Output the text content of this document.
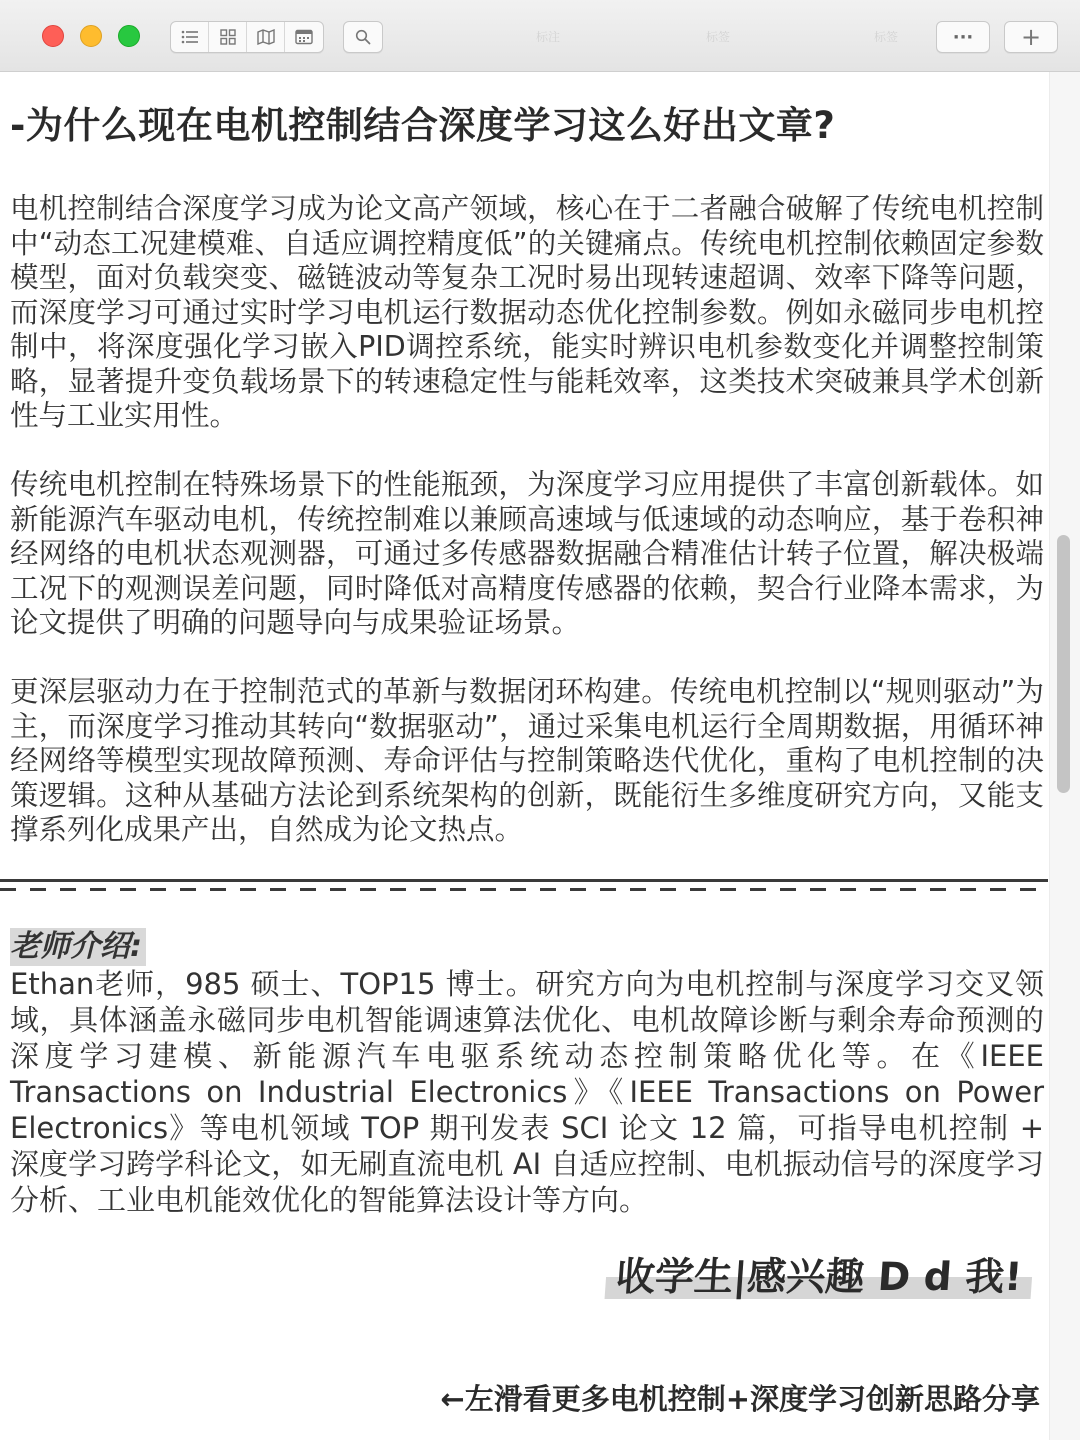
标注	标签	标签	···	+
-为什么现在电机控制结合深度学习这么好出文章?

电机控制结合深度学习成为论文高产领域，核心在于二者融合破解了传统电机控制中“动态工况建模难、自适应调控精度低”的关键痛点。传统电机控制依赖固定参数模型，面对负载突变、磁链波动等复杂工况时易出现转速超调、效率下降等问题，而深度学习可通过实时学习电机运行数据动态优化控制参数。例如永磁同步电机控制中，将深度强化学习嵌入PID调控系统，能实时辨识电机参数变化并调整控制策略，显著提升变负载场景下的转速稳定性与能耗效率，这类技术突破兼具学术创新性与工业实用性。

传统电机控制在特殊场景下的性能瓶颈，为深度学习应用提供了丰富创新载体。如新能源汽车驱动电机，传统控制难以兼顾高速域与低速域的动态响应，基于卷积神经网络的电机状态观测器，可通过多传感器数据融合精准估计转子位置，解决极端工况下的观测误差问题，同时降低对高精度传感器的依赖，契合行业降本需求，为论文提供了明确的问题导向与成果验证场景。

更深层驱动力在于控制范式的革新与数据闭环构建。传统电机控制以“规则驱动”为主，而深度学习推动其转向“数据驱动”，通过采集电机运行全周期数据，用循环神经网络等模型实现故障预测、寿命评估与控制策略迭代优化，重构了电机控制的决策逻辑。这种从基础方法论到系统架构的创新，既能衍生多维度研究方向，又能支撑系列化成果产出，自然成为论文热点。

老师介绍:

Ethan老师，985 硕士、TOP15 博士。研究方向为电机控制与深度学习交叉领域，具体涵盖永磁同步电机智能调速算法优化、电机故障诊断与剩余寿命预测的深度学习建模、新能源汽车电驱系统动态控制策略优化等。在《IEEE Transactions on Industrial Electronics》《IEEE Transactions on Power Electronics》等电机领域 TOP 期刊发表 SCI 论文 12 篇，可指导电机控制 + 深度学习跨学科论文，如无刷直流电机 AI 自适应控制、电机振动信号的深度学习分析、工业电机能效优化的智能算法设计等方向。

收学生|感兴趣 D d 我!
←左滑看更多电机控制+深度学习创新思路分享
